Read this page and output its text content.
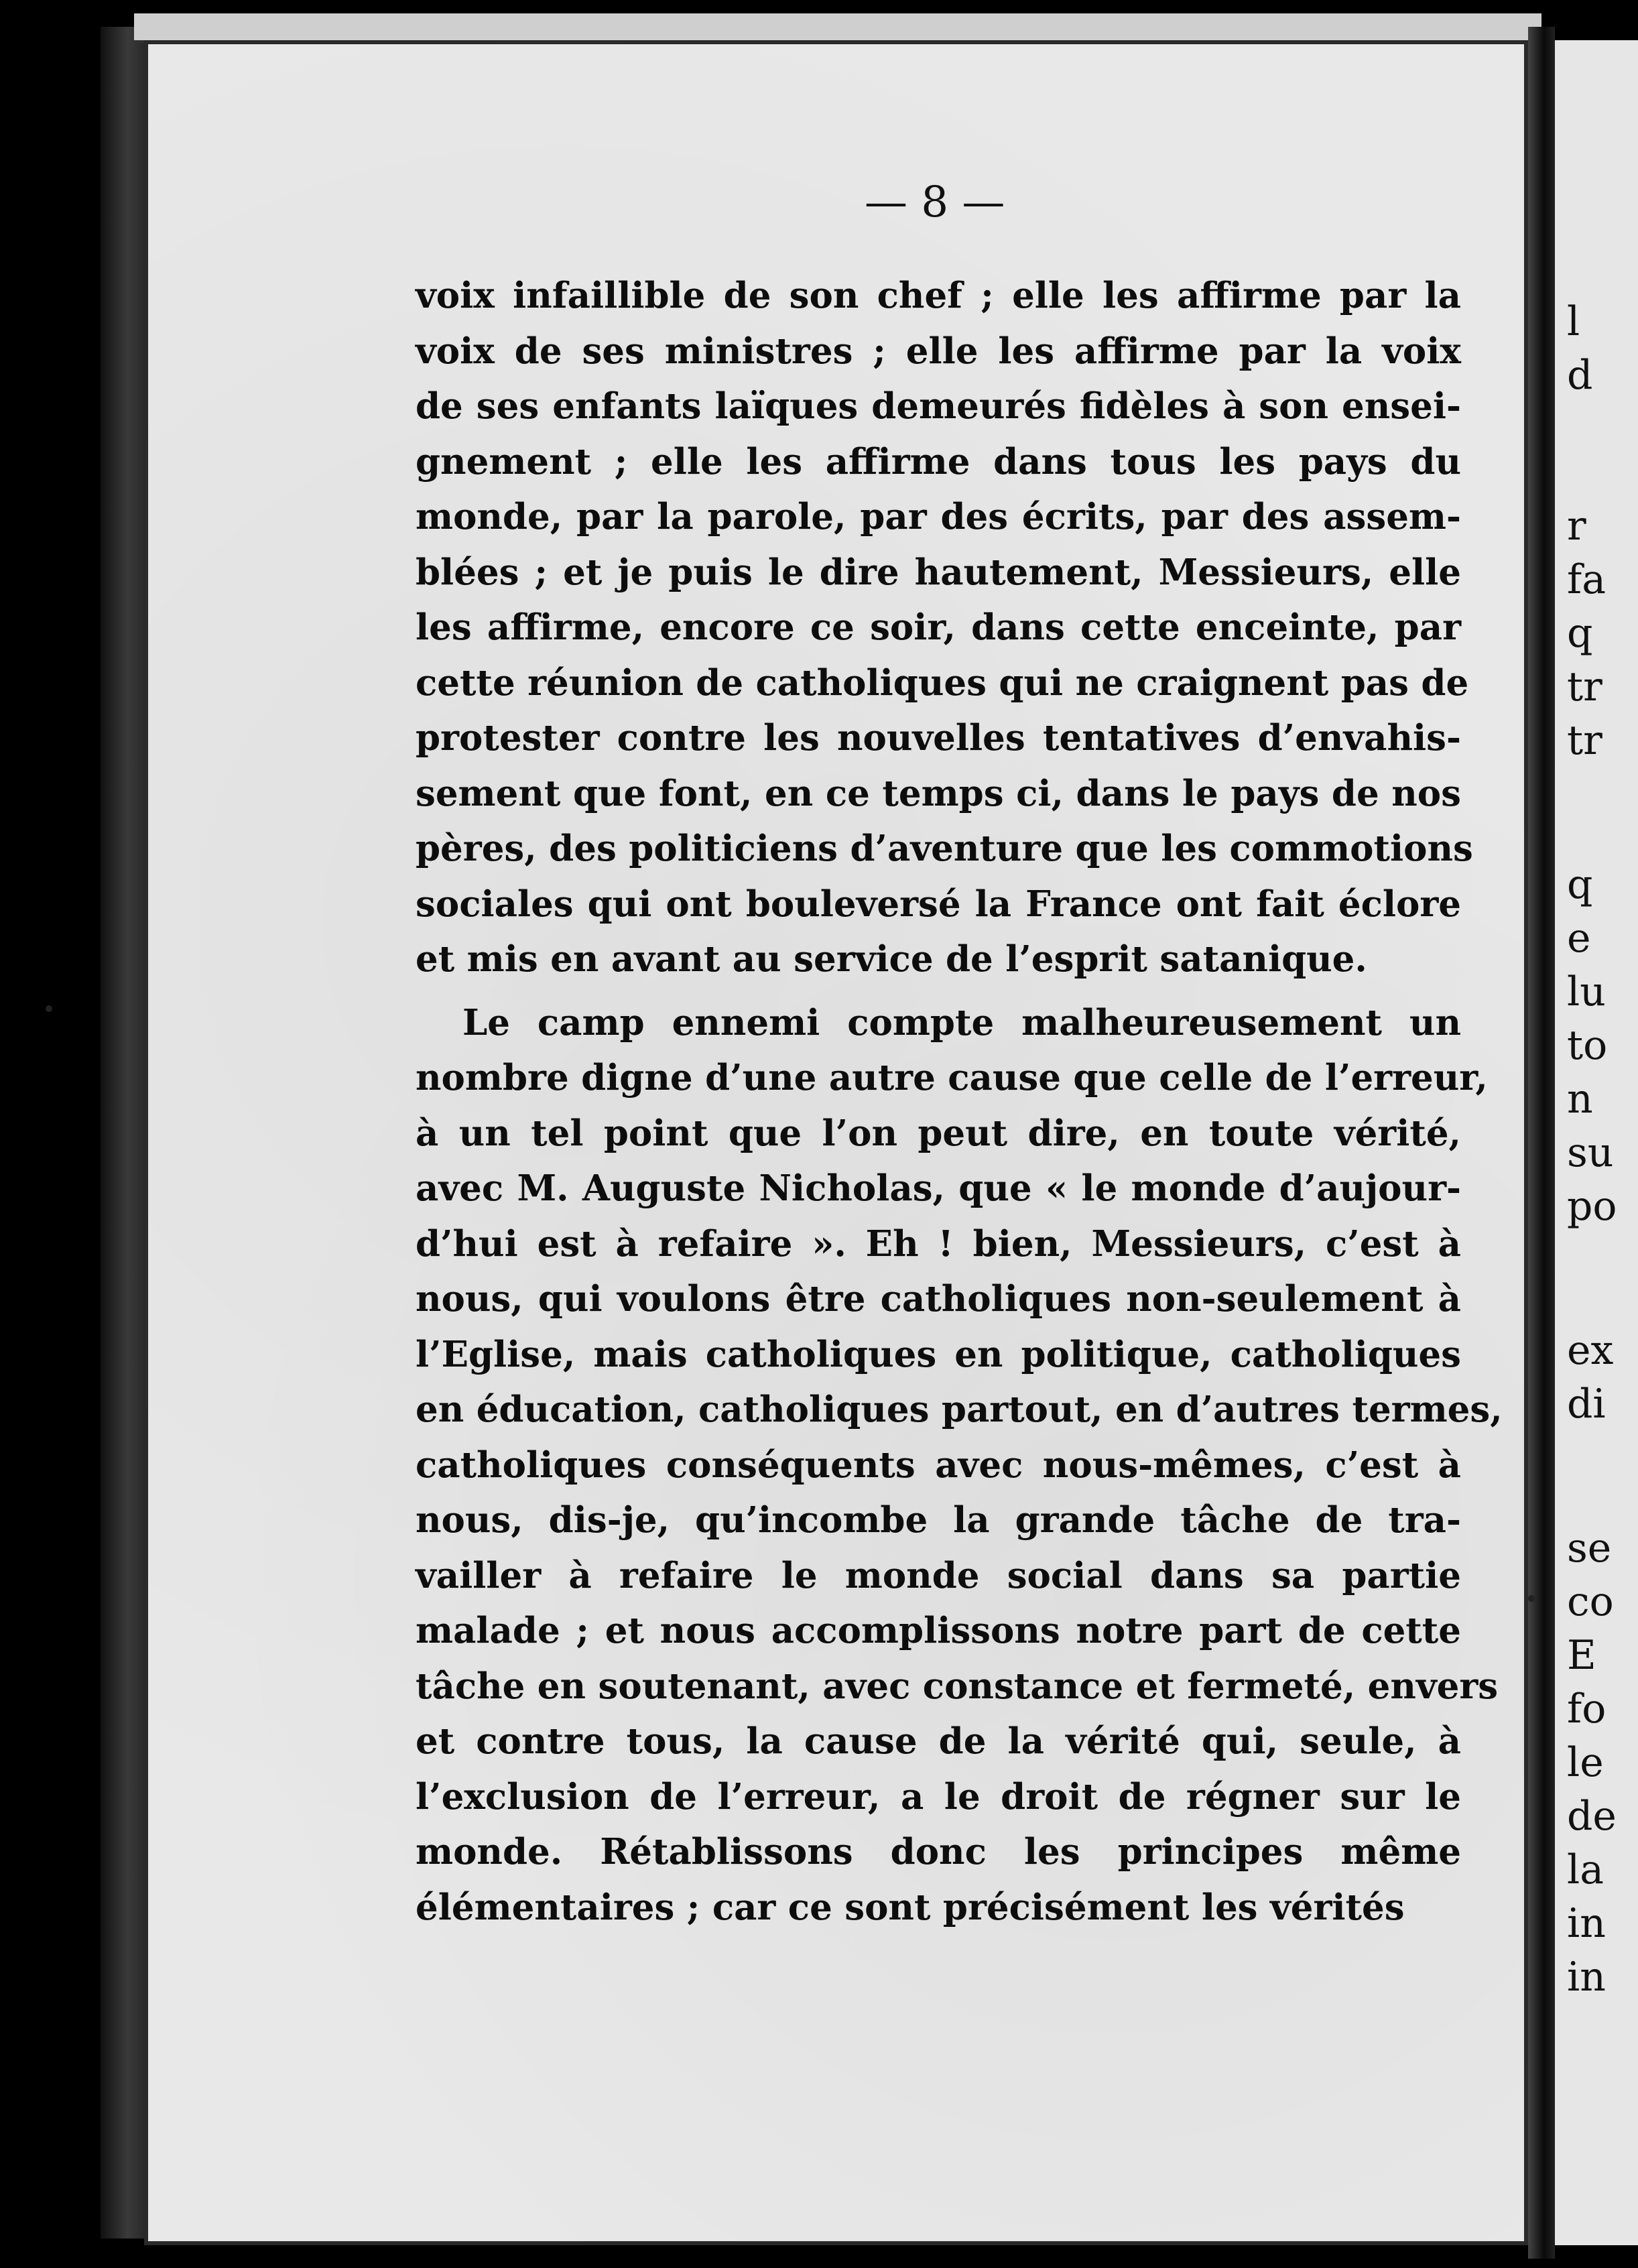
— 8 —

voix infaillible de son chef ; elle les affirme par la

voix de ses ministres ; elle les affirme par la voix

de ses enfants laïques demeurés fidèles à son ensei-

gnement ; elle les affirme dans tous les pays du

monde, par la parole, par des écrits, par des assem-

blées ; et je puis le dire hautement, Messieurs, elle

les affirme, encore ce soir, dans cette enceinte, par

cette réunion de catholiques qui ne craignent pas de

protester contre les nouvelles tentatives d’envahis-

sement que font, en ce temps ci, dans le pays de nos

pères, des politiciens d’aventure que les commotions

sociales qui ont bouleversé la France ont fait éclore

et mis en avant au service de l’esprit satanique.

Le camp ennemi compte malheureusement un

nombre digne d’une autre cause que celle de l’erreur,

à un tel point que l’on peut dire, en toute vérité,

avec M. Auguste Nicholas, que « le monde d’aujour-

d’hui est à refaire ». Eh ! bien, Messieurs, c’est à

nous, qui voulons être catholiques non-seulement à

l’Eglise, mais catholiques en politique, catholiques

en éducation, catholiques partout, en d’autres termes,

catholiques conséquents avec nous-mêmes, c’est à

nous, dis-je, qu’incombe la grande tâche de tra-

vailler à refaire le monde social dans sa partie

malade ; et nous accomplissons notre part de cette

tâche en soutenant, avec constance et fermeté, envers

et contre tous, la cause de la vérité qui, seule, à

l’exclusion de l’erreur, a le droit de régner sur le

monde. Rétablissons donc les principes même

élémentaires ; car ce sont précisément les vérités

l
d
r
fa
q
tr
tr
q
e
lu
to
n
su
po
ex
di
se
co
E
fo
le
de
la
in
in
